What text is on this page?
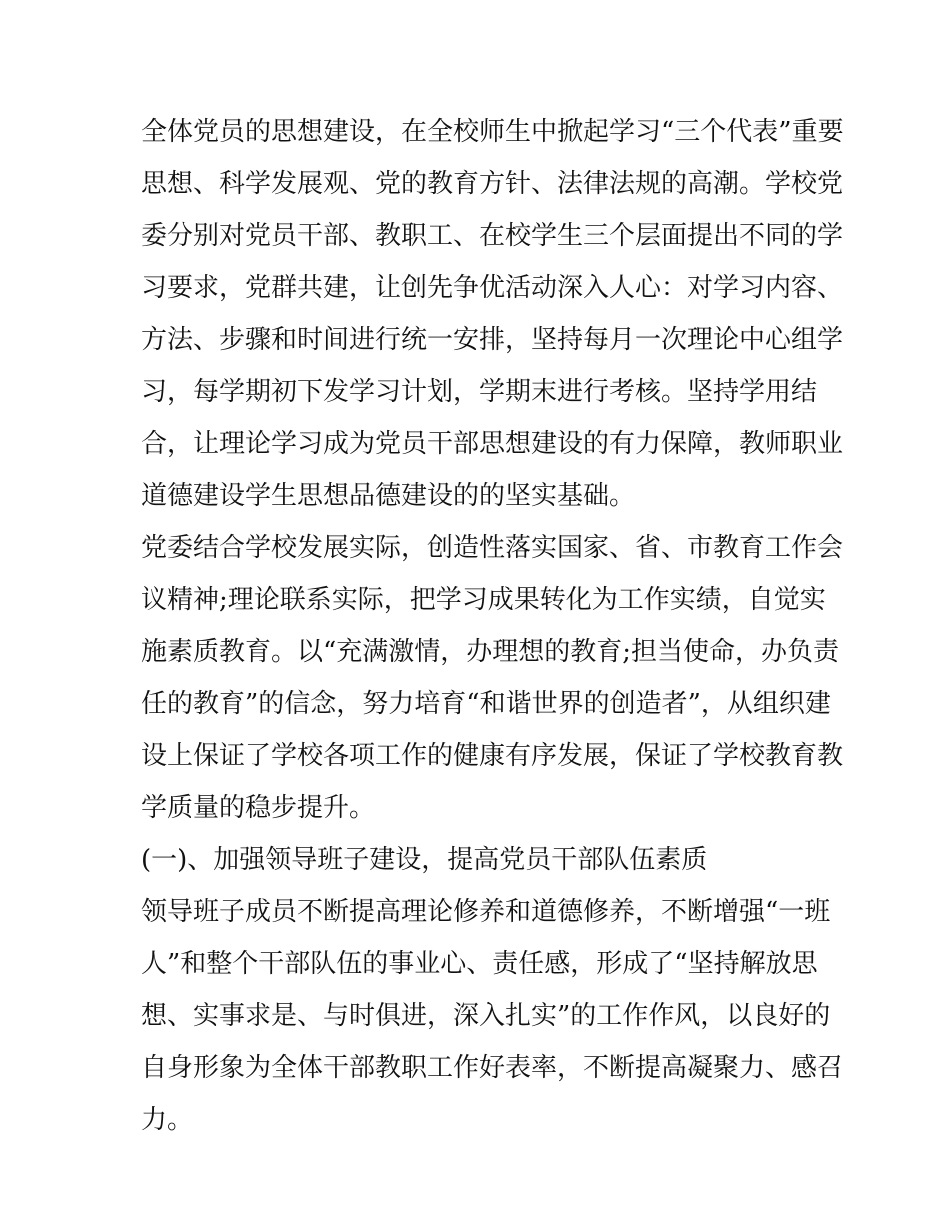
全体党员的思想建设，在全校师生中掀起学习“三个代表”重要
思想、科学发展观、党的教育方针、法律法规的高潮。学校党
委分别对党员干部、教职工、在校学生三个层面提出不同的学
习要求，党群共建，让创先争优活动深入人心：对学习内容、
方法、步骤和时间进行统一安排，坚持每月一次理论中心组学
习，每学期初下发学习计划，学期末进行考核。坚持学用结
合，让理论学习成为党员干部思想建设的有力保障，教师职业
道德建设学生思想品德建设的的坚实基础。
党委结合学校发展实际，创造性落实国家、省、市教育工作会
议精神;理论联系实际，把学习成果转化为工作实绩，自觉实
施素质教育。以“充满激情，办理想的教育;担当使命，办负责
任的教育”的信念，努力培育“和谐世界的创造者”，从组织建
设上保证了学校各项工作的健康有序发展，保证了学校教育教
学质量的稳步提升。
(一)、加强领导班子建设，提高党员干部队伍素质
领导班子成员不断提高理论修养和道德修养，不断增强“一班
人”和整个干部队伍的事业心、责任感，形成了“坚持解放思
想、实事求是、与时俱进，深入扎实”的工作作风，以良好的
自身形象为全体干部教职工作好表率，不断提高凝聚力、感召
力。
